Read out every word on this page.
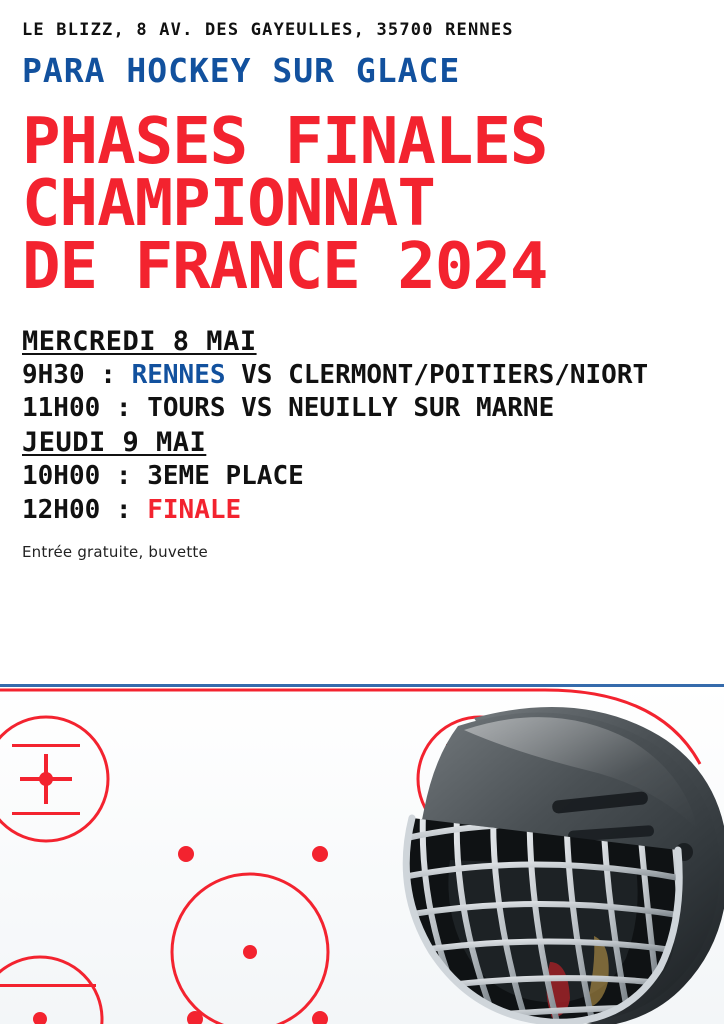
LE BLIZZ, 8 AV. DES GAYEULLES, 35700 RENNES
PARA HOCKEY SUR GLACE
PHASES FINALES
CHAMPIONNAT
DE FRANCE 2024
MERCREDI 8 MAI
9H30 : RENNES VS CLERMONT/POITIERS/NIORT
11H00 : TOURS VS NEUILLY SUR MARNE
JEUDI 9 MAI
10H00 : 3EME PLACE
12H00 : FINALE
Entrée gratuite, buvette
